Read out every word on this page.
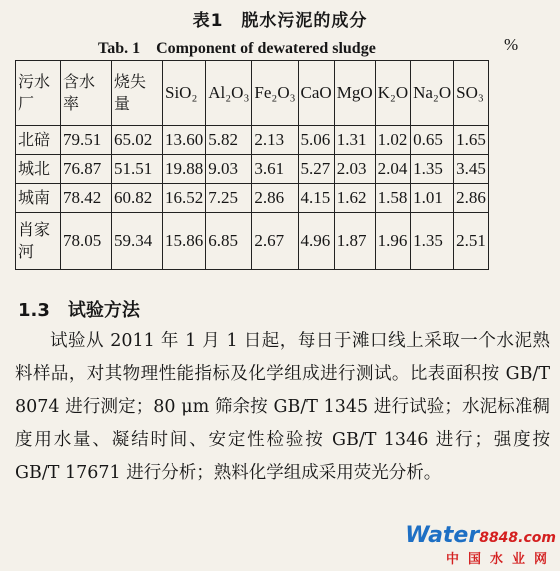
表1　脱水污泥的成分
Tab. 1　Component of dewatered sludge	%
污水厂	含水率	烧失量	SiO₂	Al₂O₃	Fe₂O₃	CaO	MgO	K₂O	Na₂O	SO₃
北碚	79.51	65.02	13.60	5.82	2.13	5.06	1.31	1.02	0.65	1.65
城北	76.87	51.51	19.88	9.03	3.61	5.27	2.03	2.04	1.35	3.45
城南	78.42	60.82	16.52	7.25	2.86	4.15	1.62	1.58	1.01	2.86
肖家河	78.05	59.34	15.86	6.85	2.67	4.96	1.87	1.96	1.35	2.51
1.3　试验方法

试验从 2011 年 1 月 1 日起，每日于滩口线上采取一个水泥熟料样品，对其物理性能指标及化学组成进行测试。比表面积按 GB/T 8074 进行测定；80 μm 筛余按 GB/T 1345 进行试验；水泥标准稠度用水量、凝结时间、安定性检验按 GB/T 1346 进行；强度按 GB/T 17671 进行分析；熟料化学组成采用荧光分析。

Water8848.com
中国水业网
